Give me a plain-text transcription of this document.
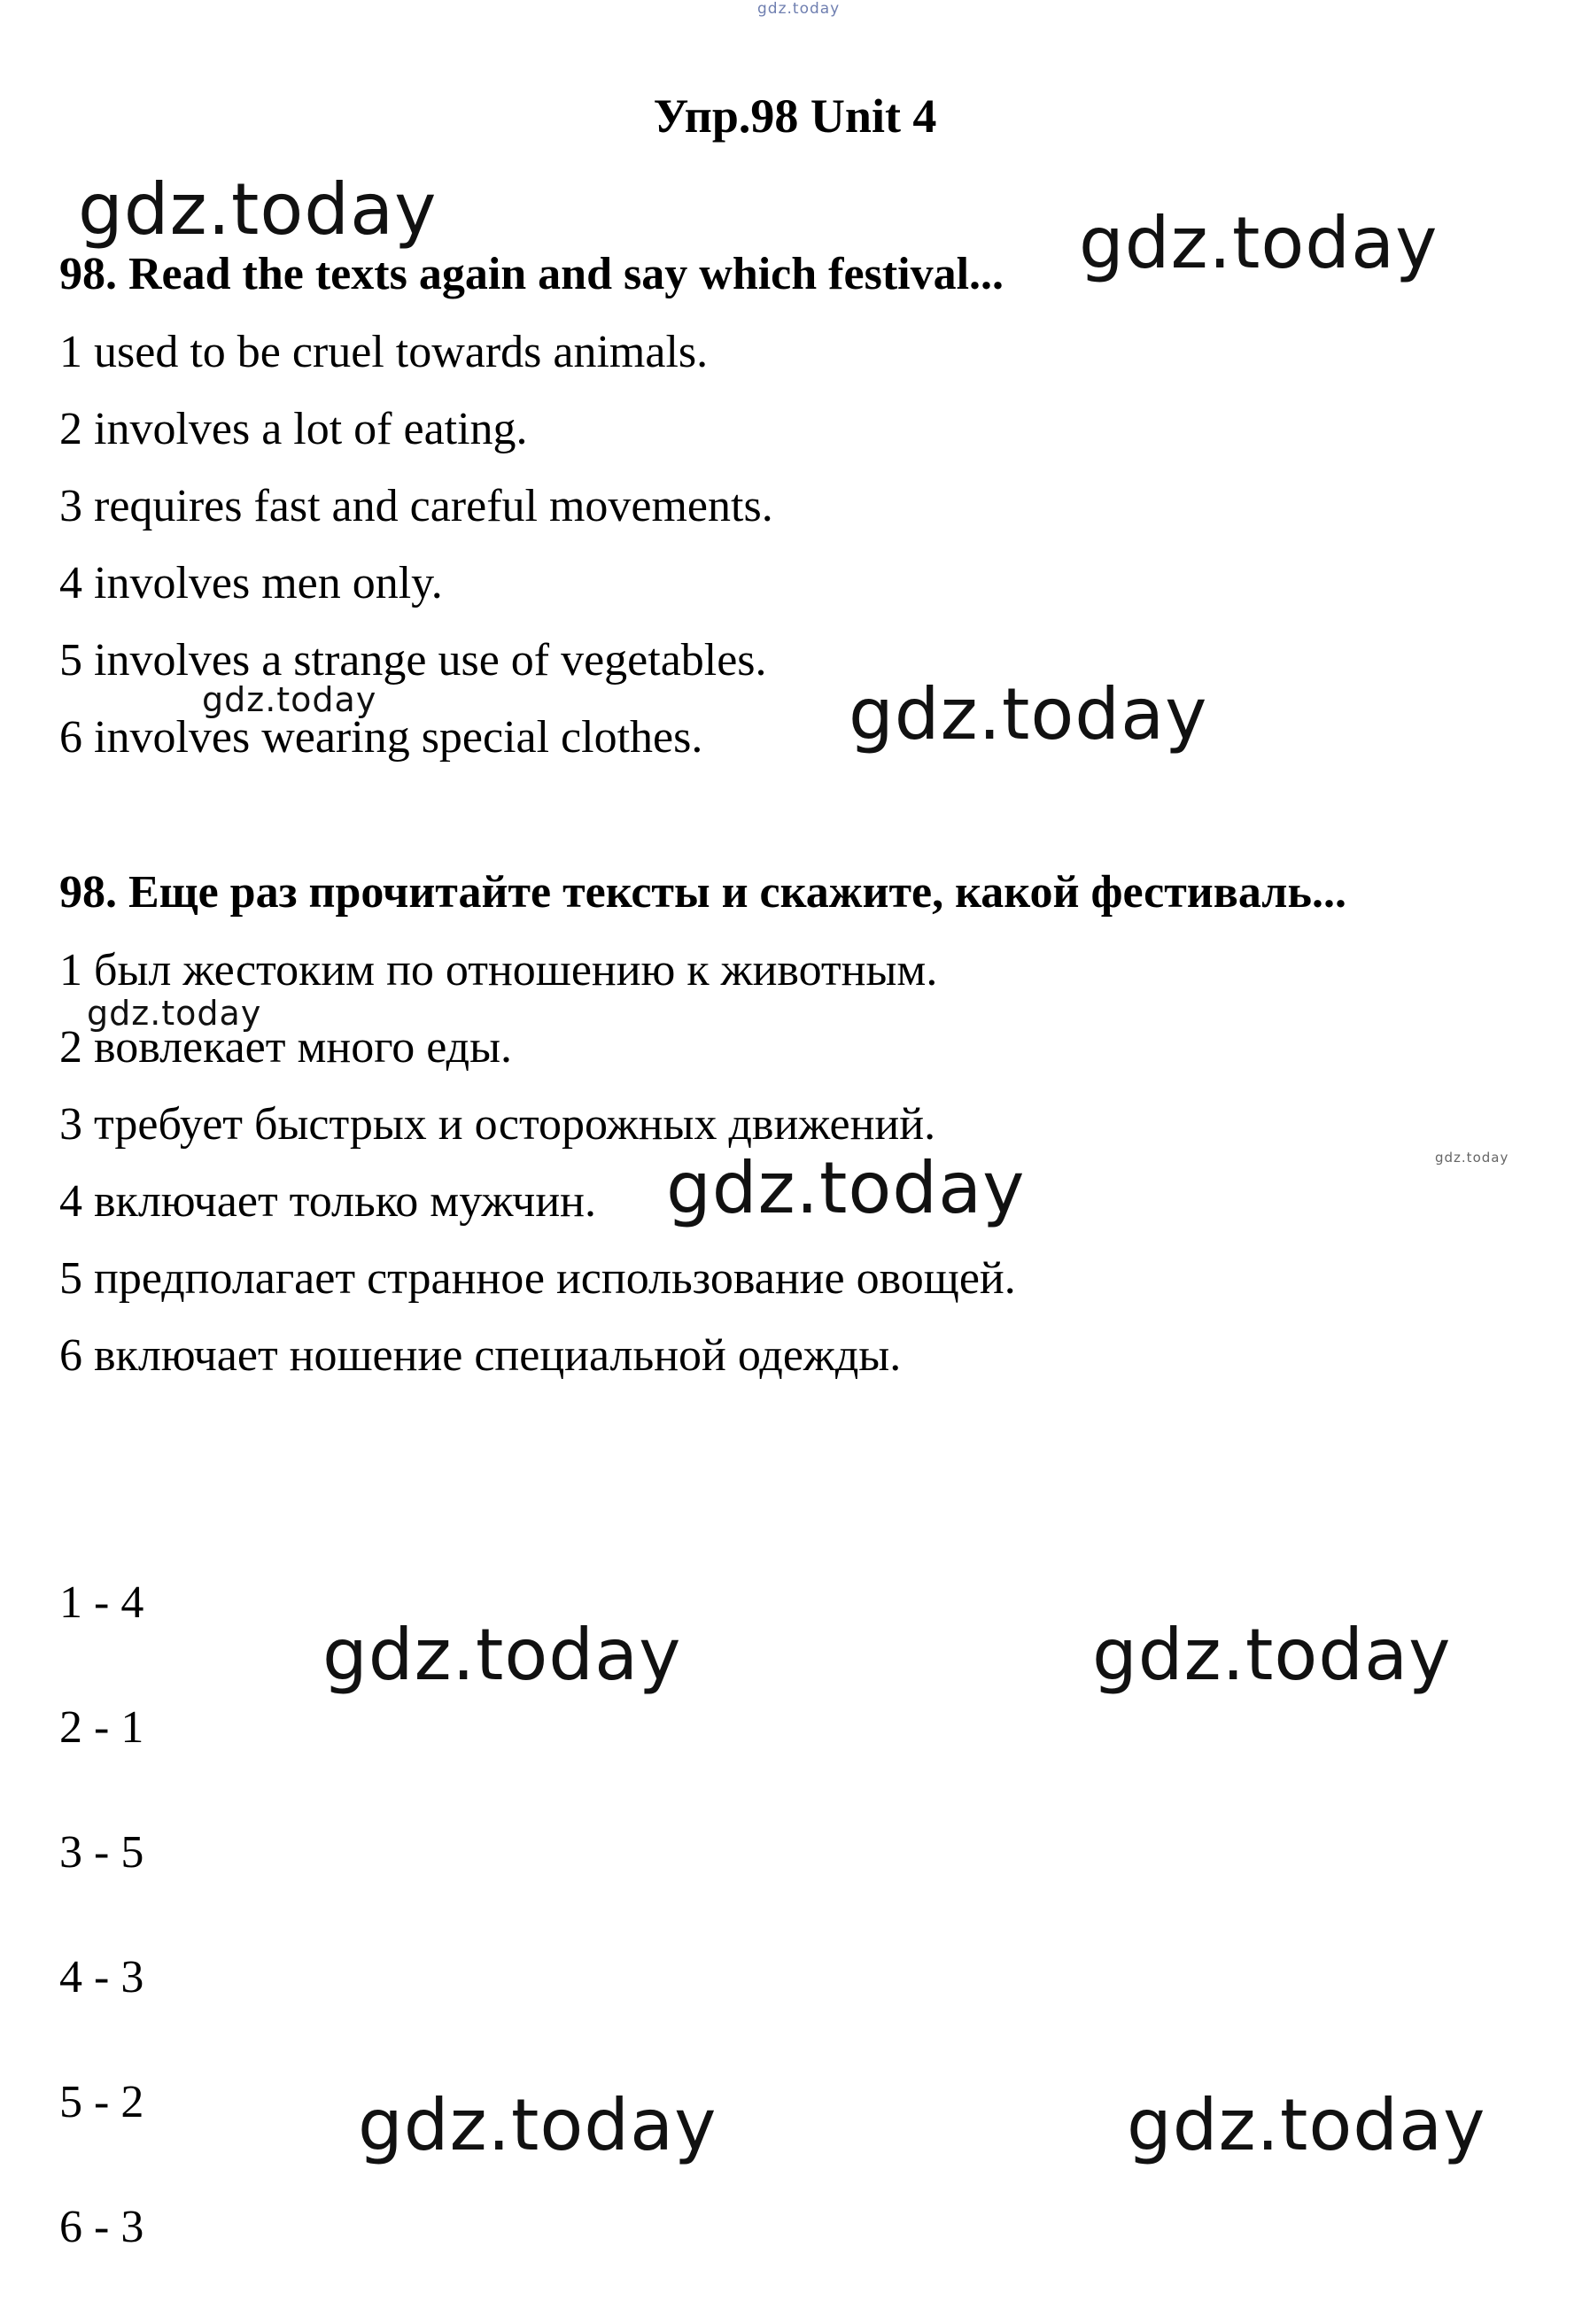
gdz.today
Упр.98 Unit 4
98. Read the texts again and say which festival...
1 used to be cruel towards animals.
2 involves a lot of eating.
3 requires fast and careful movements.
4 involves men only.
5 involves a strange use of vegetables.
6 involves wearing special clothes.
98. Еще раз прочитайте тексты и скажите, какой фестиваль...
1 был жестоким по отношению к животным.
2 вовлекает много еды.
3 требует быстрых и осторожных движений.
4 включает только мужчин.
5 предполагает странное использование овощей.
6 включает ношение специальной одежды.
1 - 4
2 - 1
3 - 5
4 - 3
5 - 2
6 - 3
gdz.today	gdz.today
gdz.today	gdz.today
gdz.today
gdz.today
gdz.today
gdz.today	gdz.today
gdz.today	gdz.today
